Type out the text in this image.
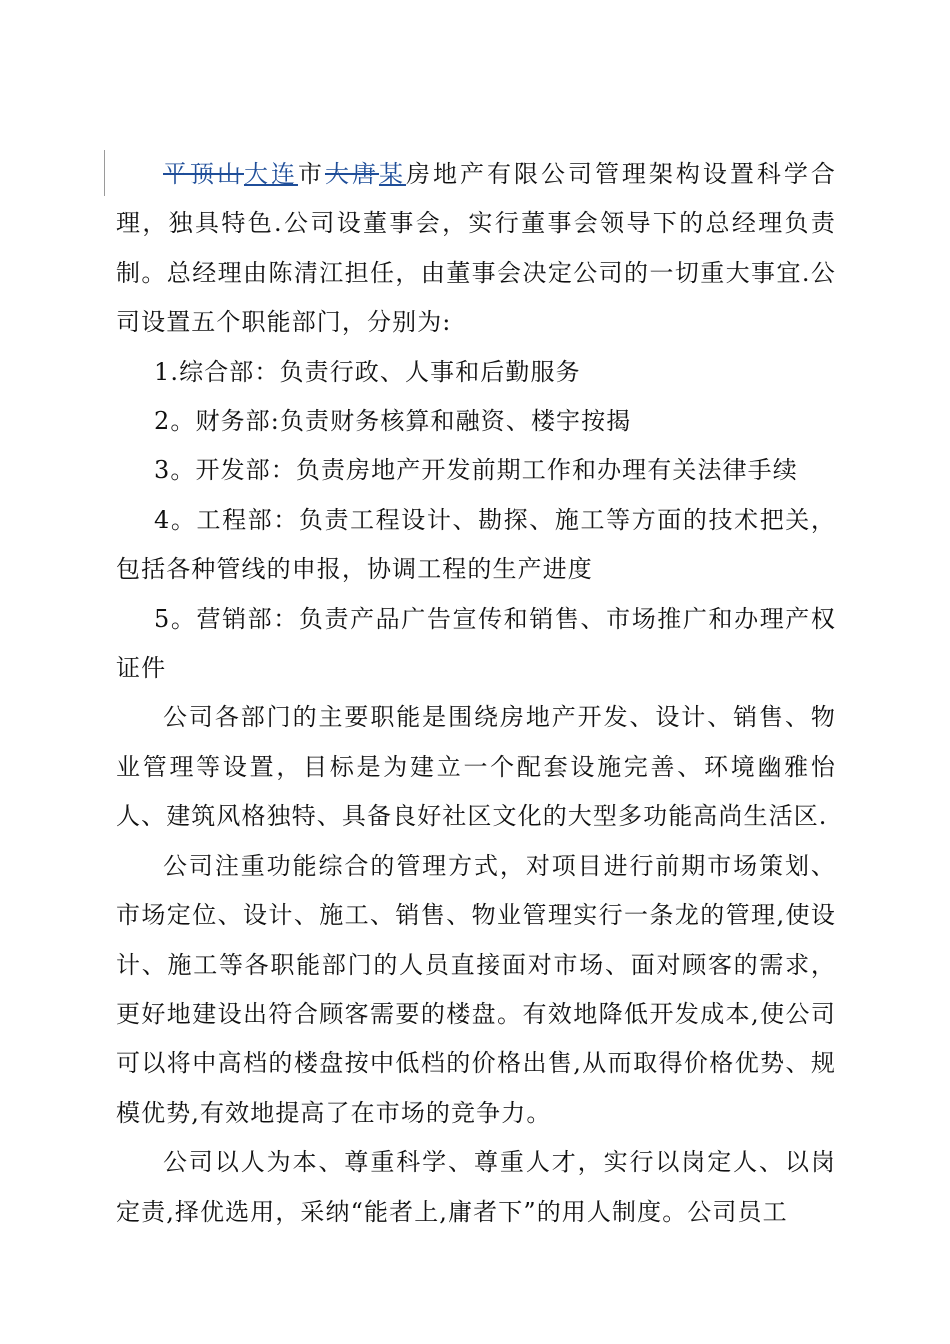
平顶山大连市大唐某房地产有限公司管理架构设置科学合理，独具特色.公司设董事会，实行董事会领导下的总经理负责制。总经理由陈清江担任，由董事会决定公司的一切重大事宜.公司设置五个职能部门，分别为:

1.综合部：负责行政、人事和后勤服务

2。财务部:负责财务核算和融资、楼宇按揭

3。开发部：负责房地产开发前期工作和办理有关法律手续

4。工程部：负责工程设计、勘探、施工等方面的技术把关，包括各种管线的申报，协调工程的生产进度

5。营销部：负责产品广告宣传和销售、市场推广和办理产权证件

公司各部门的主要职能是围绕房地产开发、设计、销售、物业管理等设置，目标是为建立一个配套设施完善、环境幽雅怡人、建筑风格独特、具备良好社区文化的大型多功能高尚生活区.

公司注重功能综合的管理方式，对项目进行前期市场策划、市场定位、设计、施工、销售、物业管理实行一条龙的管理,使设计、施工等各职能部门的人员直接面对市场、面对顾客的需求，更好地建设出符合顾客需要的楼盘。有效地降低开发成本,使公司可以将中高档的楼盘按中低档的价格出售,从而取得价格优势、规模优势,有效地提高了在市场的竞争力。

公司以人为本、尊重科学、尊重人才，实行以岗定人、以岗定责,择优选用，采纳“能者上,庸者下”的用人制度。公司员工
